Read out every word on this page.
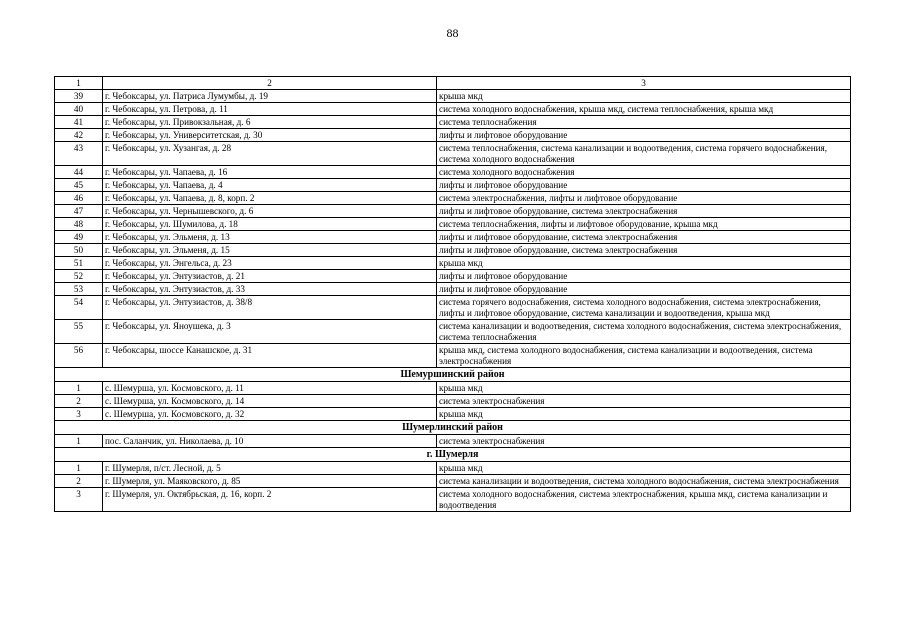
88
1	2	3
39	г. Чебоксары, ул. Патриса Лумумбы, д. 19	крыша мкд
40	г. Чебоксары, ул. Петрова, д. 11	система холодного водоснабжения, крыша мкд, система теплоснабжения, крыша мкд
41	г. Чебоксары, ул. Привокзальная, д. 6	система теплоснабжения
42	г. Чебоксары, ул. Университетская, д. 30	лифты и лифтовое оборудование
43	г. Чебоксары, ул. Хузангая, д. 28	система теплоснабжения, система канализации и водоотведения, система горячего водоснабжения, система холодного водоснабжения
44	г. Чебоксары, ул. Чапаева, д. 16	система холодного водоснабжения
45	г. Чебоксары, ул. Чапаева, д. 4	лифты и лифтовое оборудование
46	г. Чебоксары, ул. Чапаева, д. 8, корп. 2	система электроснабжения, лифты и лифтовое оборудование
47	г. Чебоксары, ул. Чернышевского, д. 6	лифты и лифтовое оборудование, система электроснабжения
48	г. Чебоксары, ул. Шумилова, д. 18	система теплоснабжения, лифты и лифтовое оборудование, крыша мкд
49	г. Чебоксары, ул. Эльменя, д. 13	лифты и лифтовое оборудование, система электроснабжения
50	г. Чебоксары, ул. Эльменя, д. 15	лифты и лифтовое оборудование, система электроснабжения
51	г. Чебоксары, ул. Энгельса, д. 23	крыша мкд
52	г. Чебоксары, ул. Энтузиастов, д. 21	лифты и лифтовое оборудование
53	г. Чебоксары, ул. Энтузиастов, д. 33	лифты и лифтовое оборудование
54	г. Чебоксары, ул. Энтузиастов, д. 38/8	система горячего водоснабжения, система холодного водоснабжения, система электроснабжения, лифты и лифтовое оборудование, система канализации и водоотведения, крыша мкд
55	г. Чебоксары, ул. Яноушека, д. 3	система канализации и водоотведения, система холодного водоснабжения, система электроснабжения, система теплоснабжения
56	г. Чебоксары, шоссе Канашское, д. 31	крыша мкд, система холодного водоснабжения, система канализации и водоотведения, система электроснабжения
Шемуршинский район		
1	с. Шемурша, ул. Космовского, д. 11	крыша мкд
2	с. Шемурша, ул. Космовского, д. 14	система электроснабжения
3	с. Шемурша, ул. Космовского, д. 32	крыша мкд
Шумерлинский район		
1	пос. Саланчик, ул. Николаева, д. 10	система электроснабжения
г. Шумерля		
1	г. Шумерля, п/ст. Лесной, д. 5	крыша мкд
2	г. Шумерля, ул. Маяковского, д. 85	система канализации и водоотведения, система холодного водоснабжения, система электроснабжения
3	г. Шумерля, ул. Октябрьская, д. 16, корп. 2	система холодного водоснабжения, система электроснабжения, крыша мкд, система канализации и водоотведения
